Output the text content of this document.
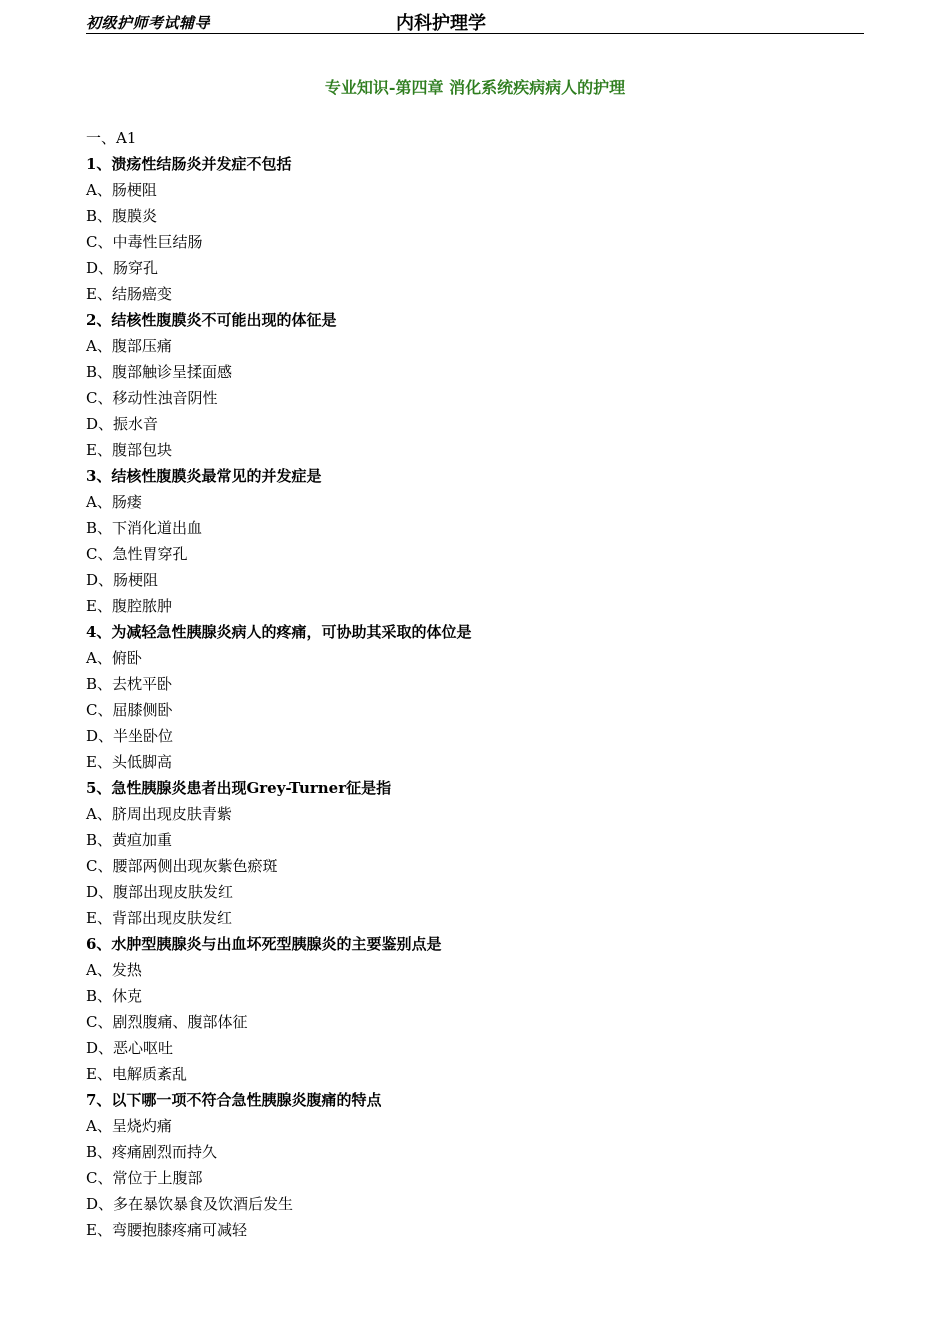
初级护师考试辅导	内科护理学
专业知识-第四章 消化系统疾病病人的护理
一、A1
1、溃疡性结肠炎并发症不包括
A、肠梗阻
B、腹膜炎
C、中毒性巨结肠
D、肠穿孔
E、结肠癌变
2、结核性腹膜炎不可能出现的体征是
A、腹部压痛
B、腹部触诊呈揉面感
C、移动性浊音阴性
D、振水音
E、腹部包块
3、结核性腹膜炎最常见的并发症是
A、肠瘘
B、下消化道出血
C、急性胃穿孔
D、肠梗阻
E、腹腔脓肿
4、为减轻急性胰腺炎病人的疼痛，可协助其采取的体位是
A、俯卧
B、去枕平卧
C、屈膝侧卧
D、半坐卧位
E、头低脚高
5、急性胰腺炎患者出现Grey-Turner征是指
A、脐周出现皮肤青紫
B、黄疸加重
C、腰部两侧出现灰紫色瘀斑
D、腹部出现皮肤发红
E、背部出现皮肤发红
6、水肿型胰腺炎与出血坏死型胰腺炎的主要鉴别点是
A、发热
B、休克
C、剧烈腹痛、腹部体征
D、恶心呕吐
E、电解质紊乱
7、以下哪一项不符合急性胰腺炎腹痛的特点
A、呈烧灼痛
B、疼痛剧烈而持久
C、常位于上腹部
D、多在暴饮暴食及饮酒后发生
E、弯腰抱膝疼痛可减轻
